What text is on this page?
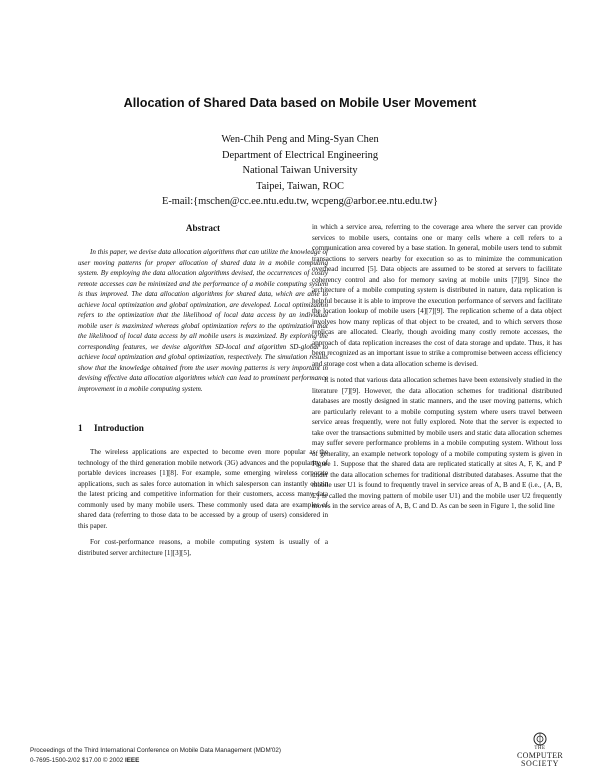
Allocation of Shared Data based on Mobile User Movement
Wen-Chih Peng and Ming-Syan Chen
Department of Electrical Engineering
National Taiwan University
Taipei, Taiwan, ROC
E-mail:{mschen@cc.ee.ntu.edu.tw, wcpeng@arbor.ee.ntu.edu.tw}
Abstract

In this paper, we devise data allocation algorithms that can utilize the knowledge of user moving patterns for proper allocation of shared data in a mobile computing system. By employing the data allocation algorithms devised, the occurrences of costly remote accesses can be minimized and the performance of a mobile computing system is thus improved. The data allocation algorithms for shared data, which are able to achieve local optimization and global optimization, are developed. Local optimization refers to the optimization that the likelihood of local data access by an individual mobile user is maximized whereas global optimization refers to the optimization that the likelihood of local data access by all mobile users is maximized. By exploring the corresponding features, we devise algorithm SD-local and algorithm SD-global to achieve local optimization and global optimization, respectively. The simulation results show that the knowledge obtained from the user moving patterns is very important in devising effective data allocation algorithms which can lead to prominent performance improvement in a mobile computing system.

1 Introduction

The wireless applications are expected to become even more popular as the technology of the third generation mobile network (3G) advances and the popularity of portable devices increases [1][8]. For example, some emerging wireless corporate applications, such as sales force automation in which salesperson can instantly obtain the latest pricing and competitive information for their customers, access many data commonly used by many mobile users. These commonly used data are examples of shared data (referring to those data to be accessed by a group of users) considered in this paper.

For cost-performance reasons, a mobile computing system is usually of a distributed server architecture [1][3][5],

in which a service area, referring to the coverage area where the server can provide services to mobile users, contains one or many cells where a cell refers to a communication area covered by a base station. In general, mobile users tend to submit transactions to servers nearby for execution so as to minimize the communication overhead incurred [5]. Data objects are assumed to be stored at servers to facilitate coherency control and also for memory saving at mobile units [7][9]. Since the architecture of a mobile computing system is distributed in nature, data replication is helpful because it is able to improve the execution performance of servers and facilitate the location lookup of mobile users [4][7][9]. The replication scheme of a data object involves how many replicas of that object to be created, and to which servers those replicas are allocated. Clearly, though avoiding many costly remote accesses, the approach of data replication increases the cost of data storage and update. Thus, it has been recognized as an important issue to strike a compromise between access efficiency and storage cost when a data allocation scheme is devised.

It is noted that various data allocation schemes have been extensively studied in the literature [7][9]. However, the data allocation schemes for traditional distributed databases are mostly designed in static manners, and the user moving patterns, which are particularly relevant to a mobile computing system where users travel between service areas frequently, were not fully explored. Note that the server is expected to take over the transactions submitted by mobile users and static data allocation schemes may suffer severe performance problems in a mobile computing system. Without loss of generality, an example network topology of a mobile computing system is given in Figure 1. Suppose that the shared data are replicated statically at sites A, F, K, and P under the data allocation schemes for traditional distributed databases. Assume that the mobile user U1 is found to frequently travel in service areas of A, B and E (i.e., {A, B, E} is called the moving pattern of mobile user U1) and the mobile user U2 frequently moves in the service areas of A, B, C and D. As can be seen in Figure 1, the solid line

Proceedings of the Third International Conference on Mobile Data Management (MDM'02)
0-7695-1500-2/02 $17.00 © 2002 IEEE
THE
COMPUTER
SOCIETY
